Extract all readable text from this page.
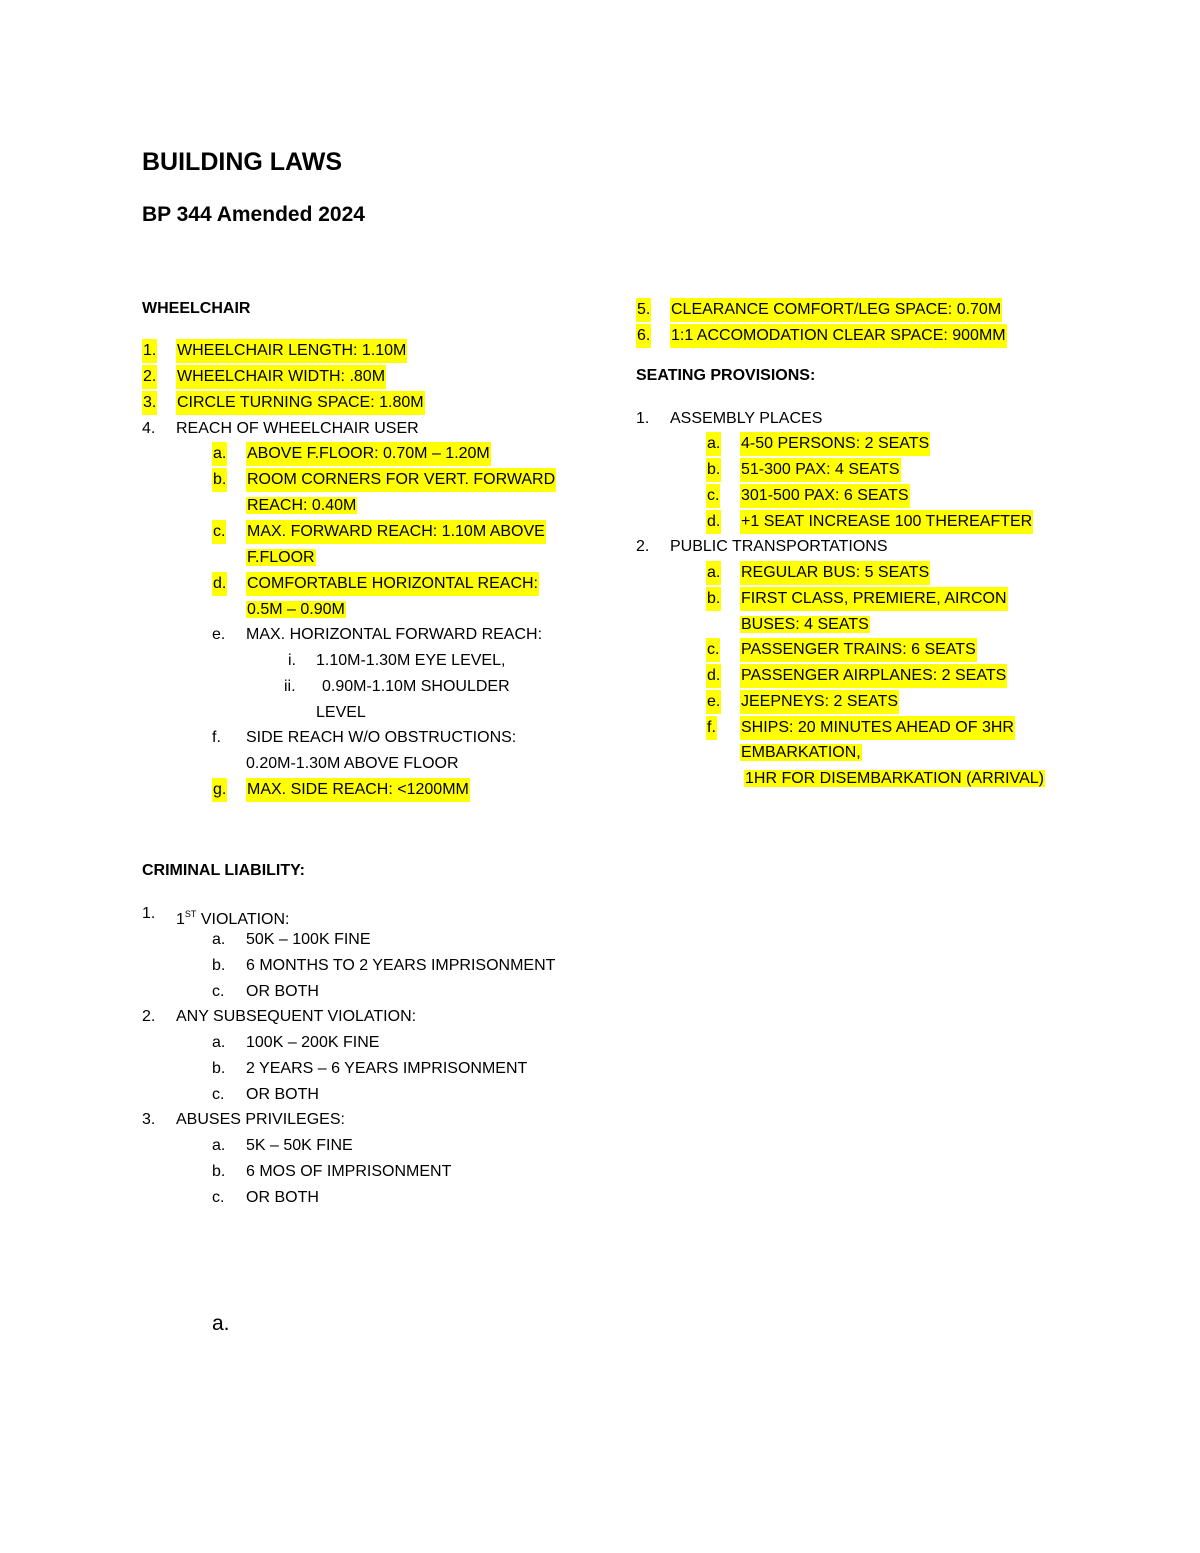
BUILDING LAWS
BP 344 Amended 2024
WHEELCHAIR
1. WHEELCHAIR LENGTH: 1.10M
2. WHEELCHAIR WIDTH: .80M
3. CIRCLE TURNING SPACE: 1.80M
4. REACH OF WHEELCHAIR USER
a. ABOVE F.FLOOR: 0.70M – 1.20M
b. ROOM CORNERS FOR VERT. FORWARD
REACH: 0.40M
c. MAX. FORWARD REACH: 1.10M ABOVE
F.FLOOR
d. COMFORTABLE HORIZONTAL REACH:
0.5M – 0.90M
e. MAX. HORIZONTAL FORWARD REACH:
i. 1.10M-1.30M EYE LEVEL,
ii. 0.90M-1.10M SHOULDER
LEVEL
f. SIDE REACH W/O OBSTRUCTIONS:
0.20M-1.30M ABOVE FLOOR
g. MAX. SIDE REACH: <1200MM
5. CLEARANCE COMFORT/LEG SPACE: 0.70M
6. 1:1 ACCOMODATION CLEAR SPACE: 900MM
SEATING PROVISIONS:
1. ASSEMBLY PLACES
a. 4-50 PERSONS: 2 SEATS
b. 51-300 PAX: 4 SEATS
c. 301-500 PAX: 6 SEATS
d. +1 SEAT INCREASE 100 THEREAFTER
2. PUBLIC TRANSPORTATIONS
a. REGULAR BUS: 5 SEATS
b. FIRST CLASS, PREMIERE, AIRCON
BUSES: 4 SEATS
c. PASSENGER TRAINS: 6 SEATS
d. PASSENGER AIRPLANES: 2 SEATS
e. JEEPNEYS: 2 SEATS
f. SHIPS: 20 MINUTES AHEAD OF 3HR
EMBARKATION,
1HR FOR DISEMBARKATION (ARRIVAL)
CRIMINAL LIABILITY:
1. 1ST VIOLATION:
a. 50K – 100K FINE
b. 6 MONTHS TO 2 YEARS IMPRISONMENT
c. OR BOTH
2. ANY SUBSEQUENT VIOLATION:
a. 100K – 200K FINE
b. 2 YEARS – 6 YEARS IMPRISONMENT
c. OR BOTH
3. ABUSES PRIVILEGES:
a. 5K – 50K FINE
b. 6 MOS OF IMPRISONMENT
c. OR BOTH
a.
